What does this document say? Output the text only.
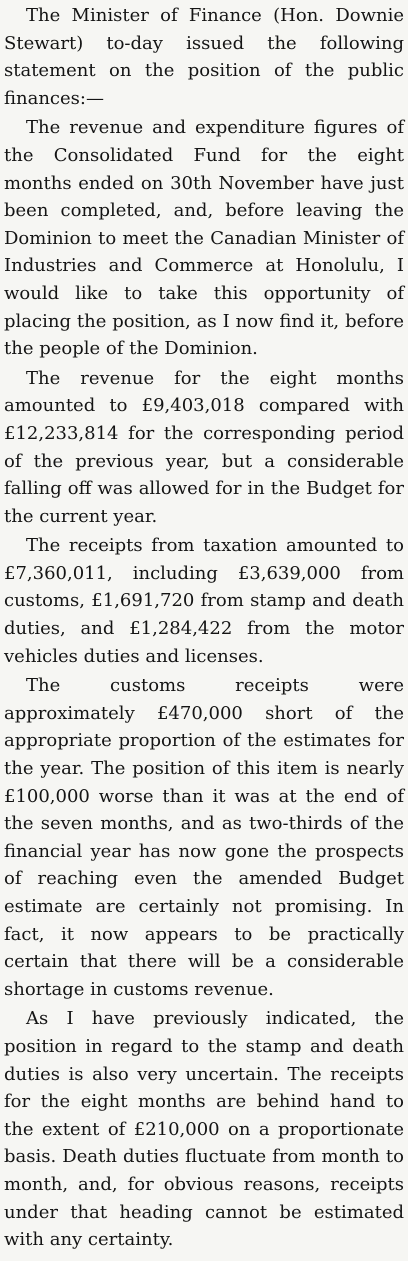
The Minister of Finance (Hon. Downie Stewart) to-day issued the following statement on the position of the public finances:—

The revenue and expenditure figures of the Consolidated Fund for the eight months ended on 30th November have just been completed, and, before leaving the Dominion to meet the Canadian Minister of Industries and Commerce at Honolulu, I would like to take this opportunity of placing the position, as I now find it, before the people of the Dominion.

The revenue for the eight months amounted to £9,403,018 compared with £12,233,814 for the corresponding period of the previous year, but a considerable falling off was allowed for in the Budget for the current year.

The receipts from taxation amounted to £7,360,011, including £3,639,000 from customs, £1,691,720 from stamp and death duties, and £1,284,422 from the motor vehicles duties and licenses.

The customs receipts were approximately £470,000 short of the appropriate proportion of the estimates for the year. The position of this item is nearly £100,000 worse than it was at the end of the seven months, and as two-thirds of the financial year has now gone the prospects of reaching even the amended Budget estimate are certainly not promising. In fact, it now appears to be practically certain that there will be a considerable shortage in customs revenue.

As I have previously indicated, the position in regard to the stamp and death duties is also very uncertain. The receipts for the eight months are behind hand to the extent of £210,000 on a proportionate basis. Death duties fluctuate from month to month, and, for obvious reasons, receipts under that heading cannot be estimated with any certainty.
